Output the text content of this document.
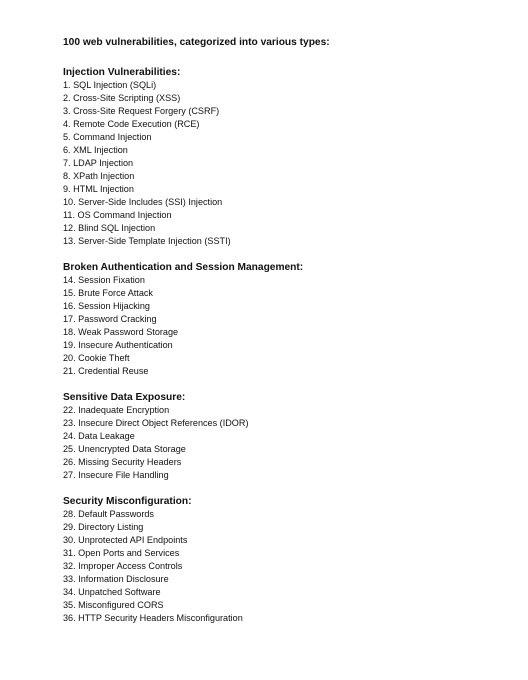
100 web vulnerabilities, categorized into various types:
Injection Vulnerabilities:
1. SQL Injection (SQLi)
2. Cross-Site Scripting (XSS)
3. Cross-Site Request Forgery (CSRF)
4. Remote Code Execution (RCE)
5. Command Injection
6. XML Injection
7. LDAP Injection
8. XPath Injection
9. HTML Injection
10. Server-Side Includes (SSI) Injection
11. OS Command Injection
12. Blind SQL Injection
13. Server-Side Template Injection (SSTI)
Broken Authentication and Session Management:
14. Session Fixation
15. Brute Force Attack
16. Session Hijacking
17. Password Cracking
18. Weak Password Storage
19. Insecure Authentication
20. Cookie Theft
21. Credential Reuse
Sensitive Data Exposure:
22. Inadequate Encryption
23. Insecure Direct Object References (IDOR)
24. Data Leakage
25. Unencrypted Data Storage
26. Missing Security Headers
27. Insecure File Handling
Security Misconfiguration:
28. Default Passwords
29. Directory Listing
30. Unprotected API Endpoints
31. Open Ports and Services
32. Improper Access Controls
33. Information Disclosure
34. Unpatched Software
35. Misconfigured CORS
36. HTTP Security Headers Misconfiguration
